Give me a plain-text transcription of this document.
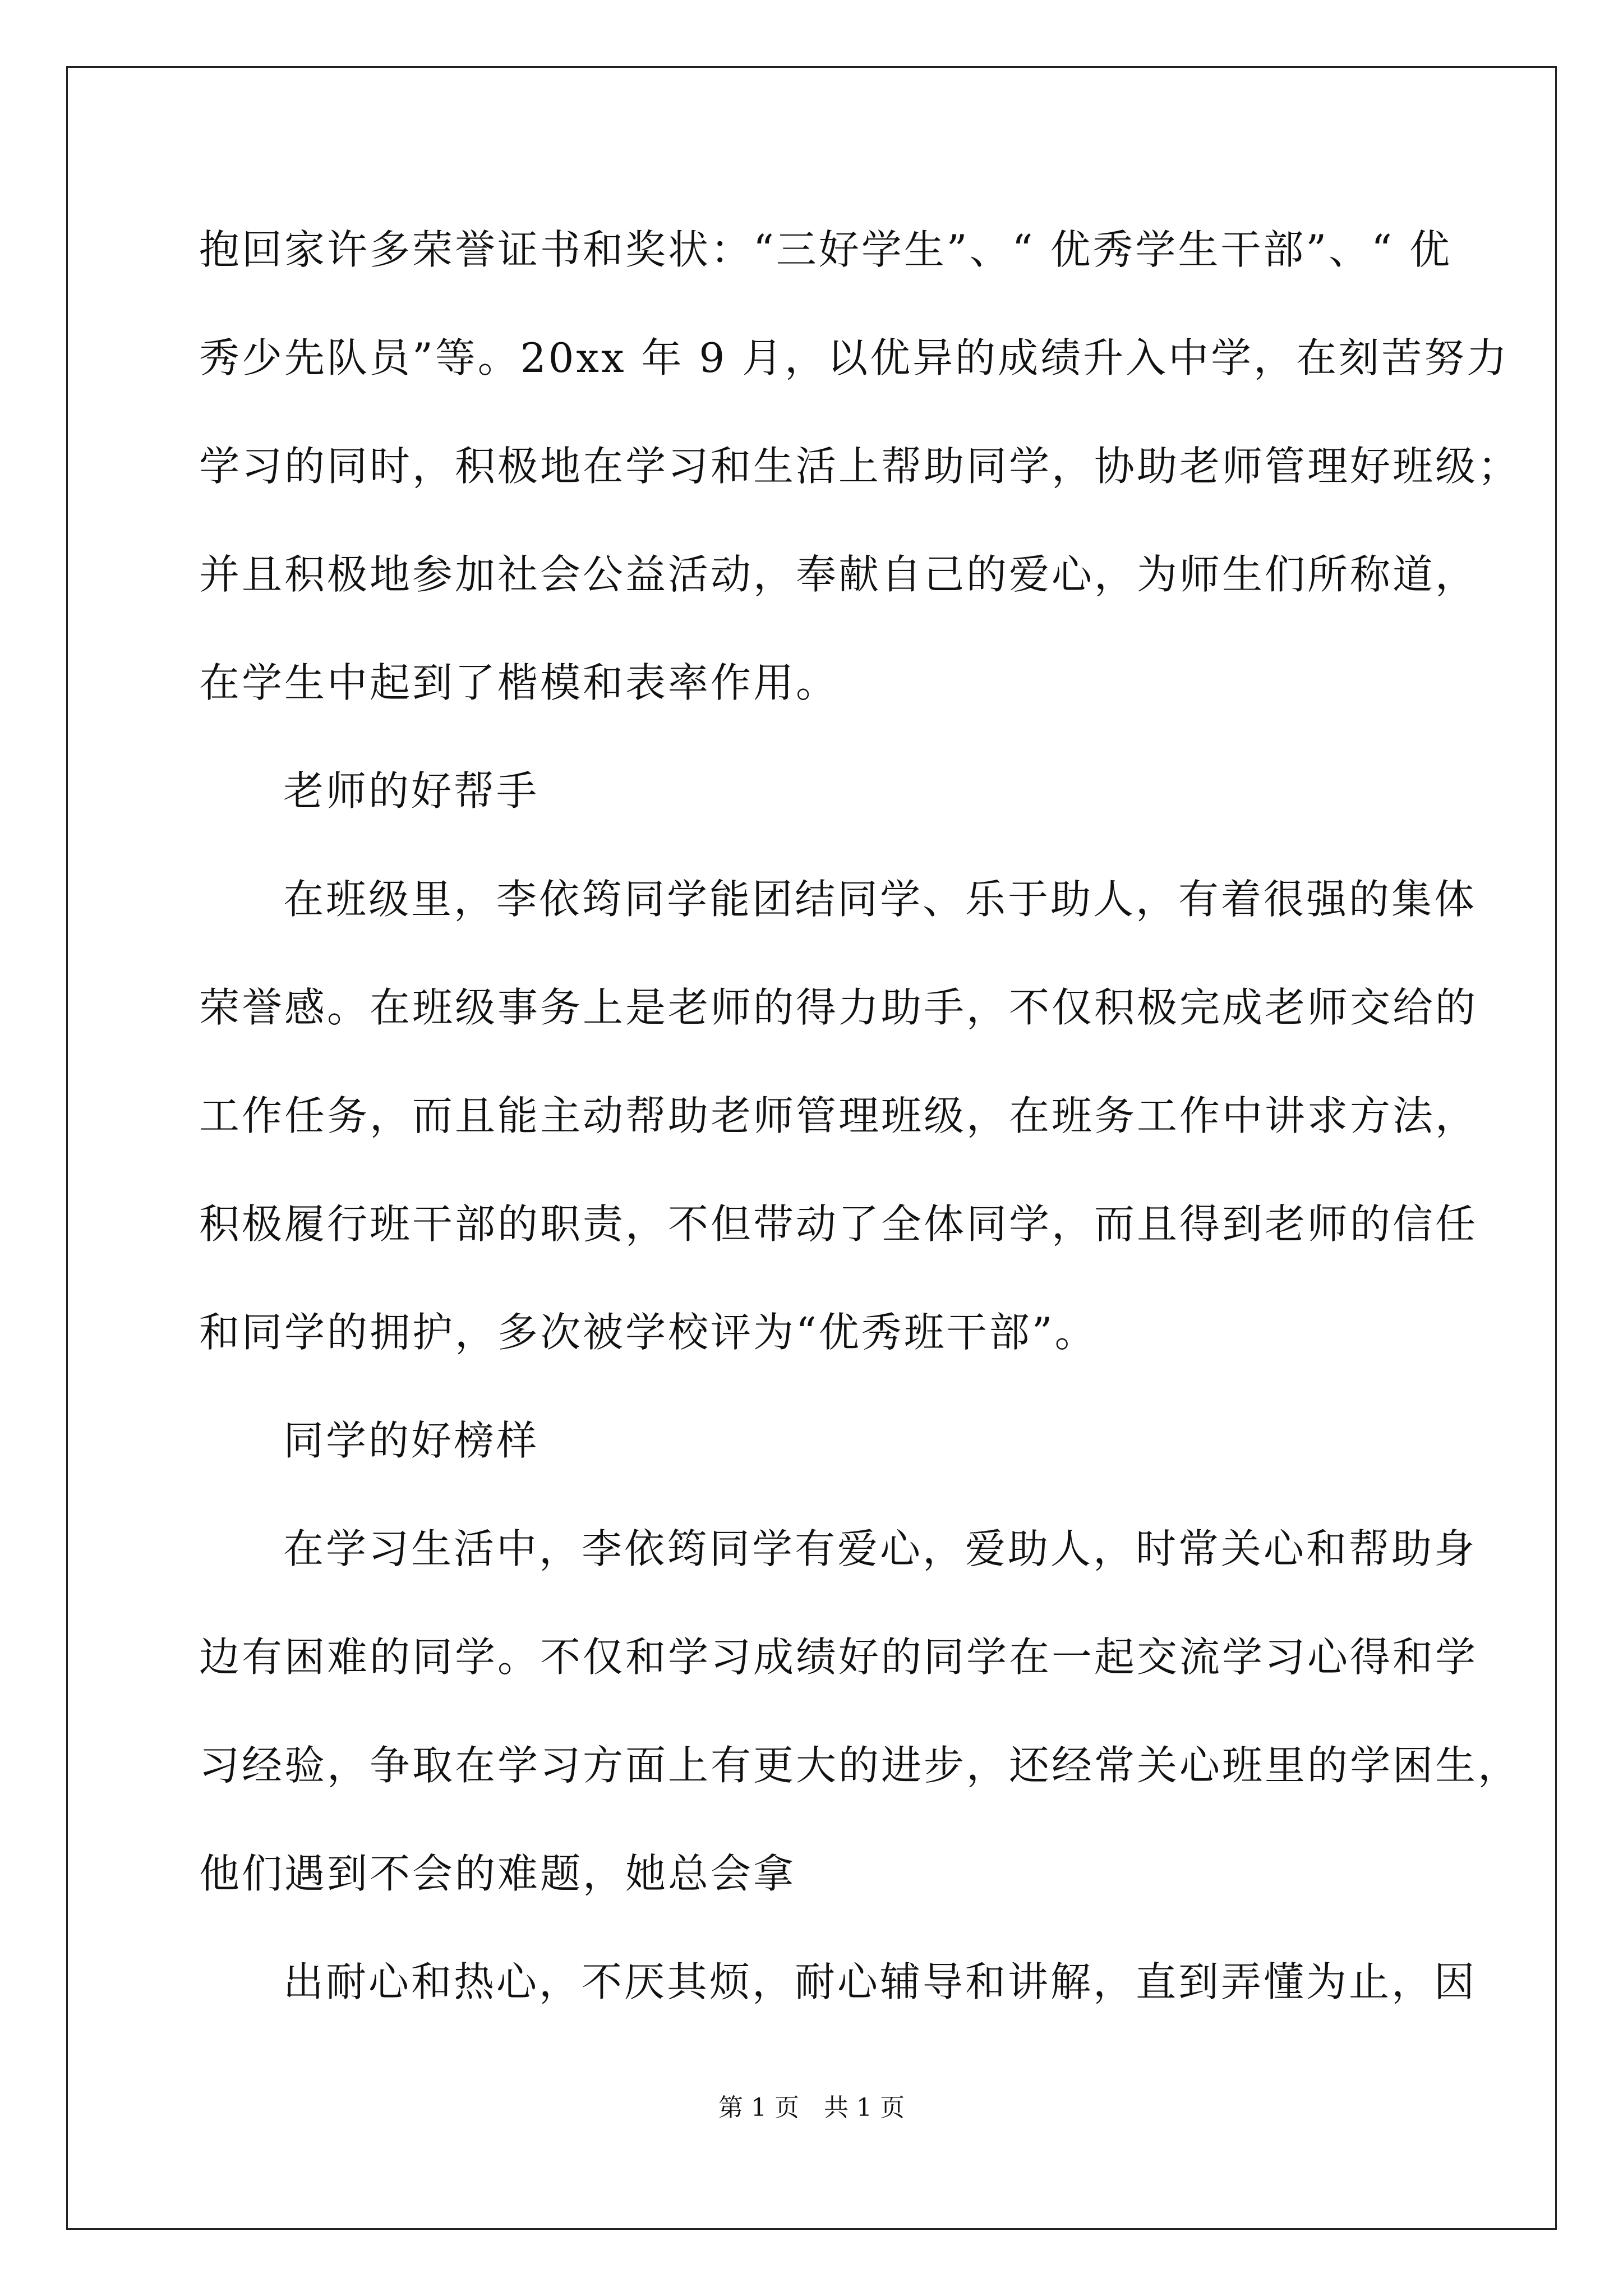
抱回家许多荣誉证书和奖状：“三好学生”、“ 优秀学生干部”、“ 优
秀少先队员”等。20xx 年 9 月，以优异的成绩升入中学，在刻苦努力
学习的同时，积极地在学习和生活上帮助同学，协助老师管理好班级；
并且积极地参加社会公益活动，奉献自己的爱心，为师生们所称道，
在学生中起到了楷模和表率作用。
老师的好帮手
在班级里，李依筠同学能团结同学、乐于助人，有着很强的集体
荣誉感。在班级事务上是老师的得力助手，不仅积极完成老师交给的
工作任务，而且能主动帮助老师管理班级，在班务工作中讲求方法，
积极履行班干部的职责，不但带动了全体同学，而且得到老师的信任
和同学的拥护，多次被学校评为“优秀班干部”。
同学的好榜样
在学习生活中，李依筠同学有爱心，爱助人，时常关心和帮助身
边有困难的同学。不仅和学习成绩好的同学在一起交流学习心得和学
习经验，争取在学习方面上有更大的进步，还经常关心班里的学困生，
他们遇到不会的难题，她总会拿
出耐心和热心，不厌其烦，耐心辅导和讲解，直到弄懂为止，因
第 1 页　共 1 页
